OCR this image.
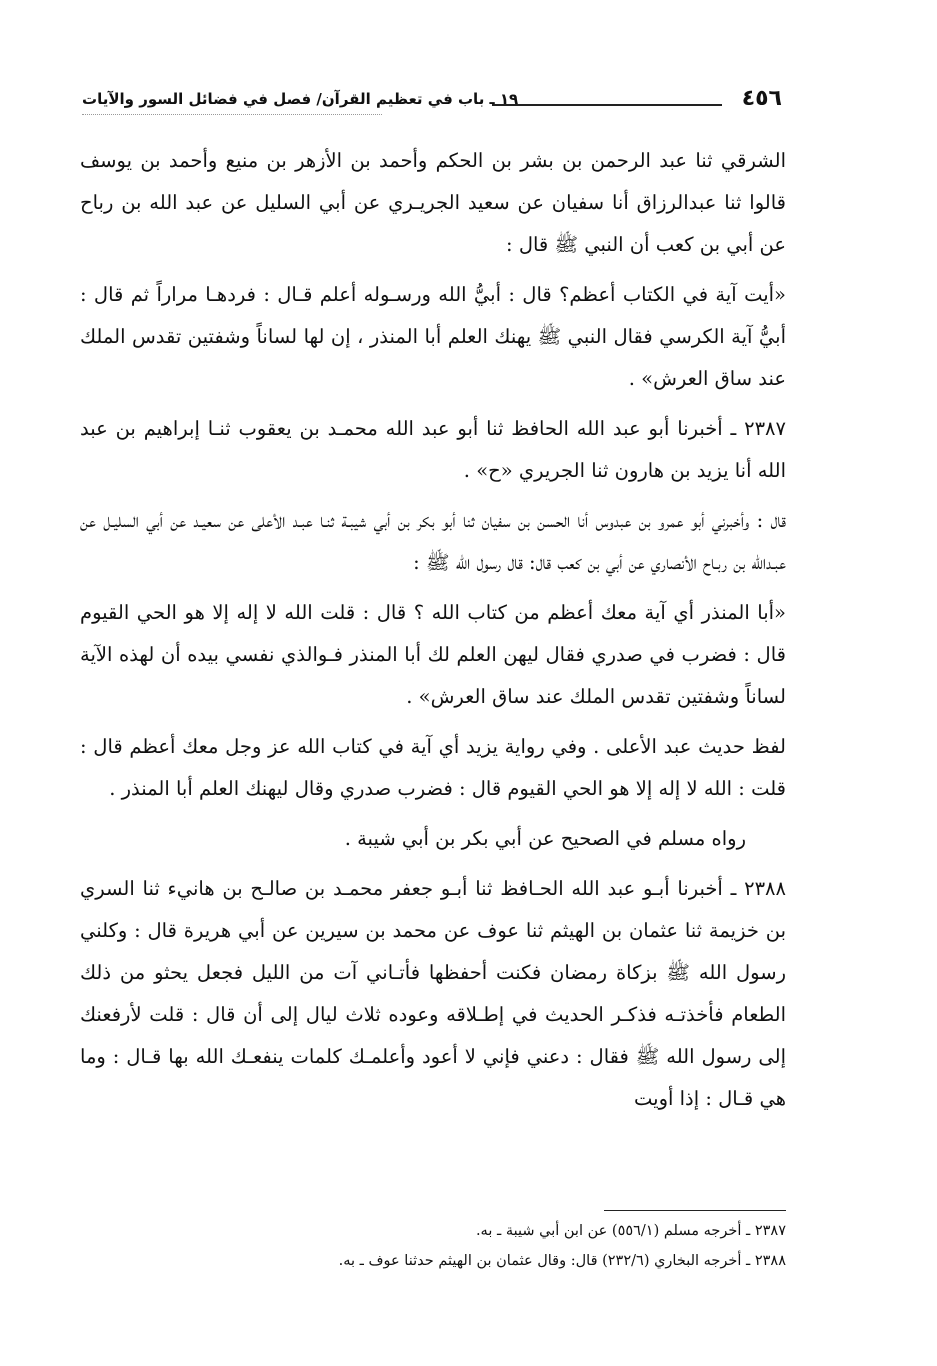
٤٥٦
١٩ ـ باب في تعظيم القرآن/ فصل في فضائل السور والآيات

الشرقي ثنا عبد الرحمن بن بشر بن الحكم وأحمد بن الأزهر بن منيع وأحمد بن يوسف قالوا ثنا عبدالرزاق أنا سفيان عن سعيد الجريـري عن أبي السليل عن عبد الله بن رباح عن أبي بن كعب أن النبي ﷺ قال :

«أيت آية في الكتاب أعظم؟ قال : أبيُّ الله ورسـوله أعلم قـال : فردهـا مراراً ثم قال : أبيُّ آية الكرسي فقال النبي ﷺ يهنك العلم أبا المنذر ، إن لها لساناً وشفتين تقدس الملك عند ساق العرش» .

٢٣٨٧ ـ أخبرنا أبو عبد الله الحافظ ثنا أبو عبد الله محمـد بن يعقوب ثنـا إبراهيم بن عبد الله أنا يزيد بن هارون ثنا الجريري «ح» .

قال : وأخبرني أبو عمرو بن عبدوس أنا الحسن بن سفيان ثنا أبو بكر بن أبي شيبـة ثنـا عبـد الأعلى عن سعيـد عن أبي السليـل عن عبـدالله بن ربـاح الأنصاري عن أبي بن كعب قال: قال رسول الله ﷺ :

«أبا المنذر أي آية معك أعظم من كتاب الله ؟ قال : قلت الله لا إله إلا هو الحي القيوم قال : فضرب في صدري فقال ليهن العلم لك أبا المنذر فـوالذي نفسي بيده أن لهذه الآية لساناً وشفتين تقدس الملك عند ساق العرش» .

لفظ حديث عبد الأعلى . وفي رواية يزيد أي آية في كتاب الله عز وجل معك أعظم قال : قلت : الله لا إله إلا هو الحي القيوم قال : فضرب صدري وقال ليهنك العلم أبا المنذر .

رواه مسلم في الصحيح عن أبي بكر بن أبي شيبة .

٢٣٨٨ ـ أخبرنا أبـو عبد الله الحـافظ ثنا أبـو جعفر محمـد بن صالـح بن هانيء ثنا السري بن خزيمة ثنا عثمان بن الهيثم ثنا عوف عن محمد بن سيرين عن أبي هريرة قال : وكلني رسول الله ﷺ بزكاة رمضان فكنت أحفظها فأتـاني آت من الليل فجعل يحثو من ذلك الطعام فأخذتـه فذكـر الحديث في إطـلاقه وعوده ثلاث ليال إلى أن قال : قلت لأرفعنك إلى رسول الله ﷺ فقال : دعني فإني لا أعود وأعلمـك كلمات ينفعـك الله بها قـال : وما هي قـال : إذا أويت

٢٣٨٧ ـ أخرجه مسلم (٥٥٦/١) عن ابن أبي شيبة ـ به.

٢٣٨٨ ـ أخرجه البخاري (٢٣٢/٦) قال: وقال عثمان بن الهيثم حدثنا عوف ـ به.
